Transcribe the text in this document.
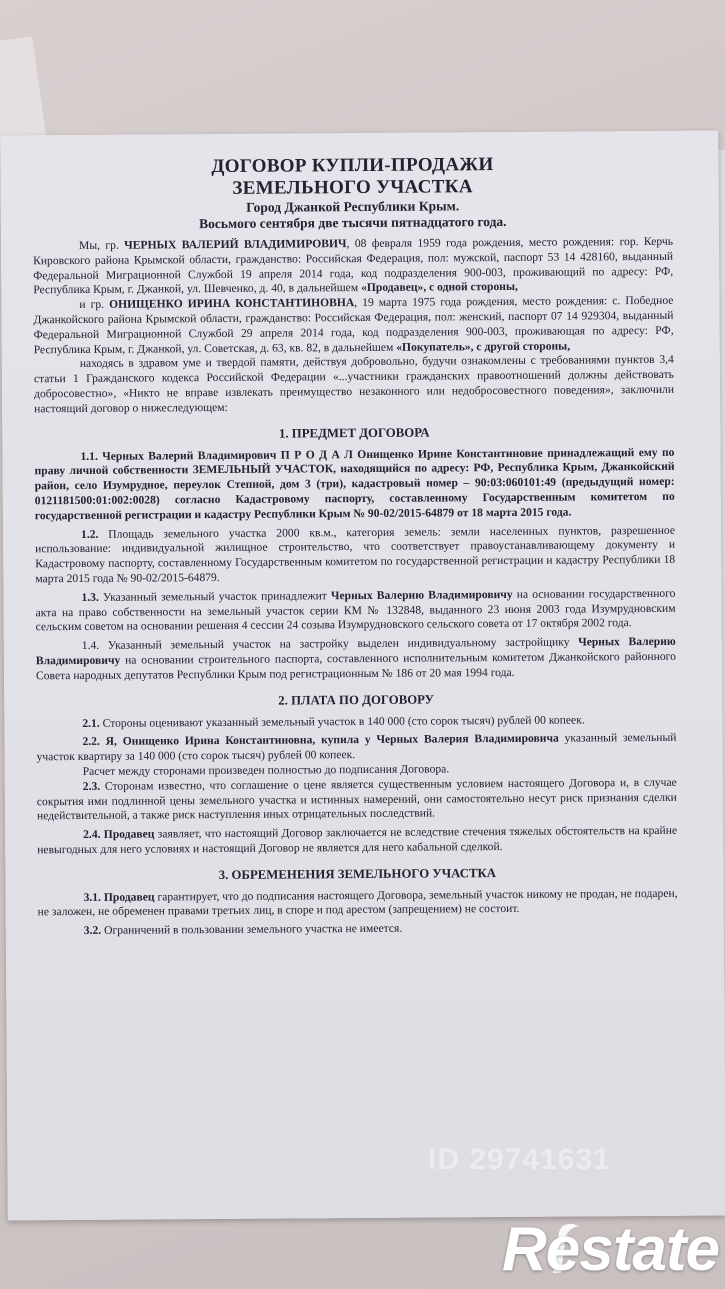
ДОГОВОР КУПЛИ-ПРОДАЖИ
ЗЕМЕЛЬНОГО УЧАСТКА
Город Джанкой Республики Крым.
Восьмого сентября две тысячи пятнадцатого года.

Мы, гр. ЧЕРНЫХ ВАЛЕРИЙ ВЛАДИМИРОВИЧ, 08 февраля 1959 года рождения, место рождения: гор. Керчь Кировского района Крымской области, гражданство: Российская Федерация, пол: мужской, паспорт 53 14 428160, выданный Федеральной Миграционной Службой 19 апреля 2014 года, код подразделения 900-003, проживающий по адресу: РФ, Республика Крым, г. Джанкой, ул. Шевченко, д. 40, в дальнейшем «Продавец», с одной стороны,

и гр. ОНИЩЕНКО ИРИНА КОНСТАНТИНОВНА, 19 марта 1975 года рождения, место рождения: с. Победное Джанкойского района Крымской области, гражданство: Российская Федерация, пол: женский, паспорт 07 14 929304, выданный Федеральной Миграционной Службой 29 апреля 2014 года, код подразделения 900-003, проживающая по адресу: РФ, Республика Крым, г. Джанкой, ул. Советская, д. 63, кв. 82, в дальнейшем «Покупатель», с другой стороны,

находясь в здравом уме и твердой памяти, действуя добровольно, будучи ознакомлены с требованиями пунктов 3,4 статьи 1 Гражданского кодекса Российской Федерации «...участники гражданских правоотношений должны действовать добросовестно», «Никто не вправе извлекать преимущество незаконного или недобросовестного поведения», заключили настоящий договор о нижеследующем:

1. ПРЕДМЕТ ДОГОВОРА

1.1. Черных Валерий Владимирович П Р О Д А Л Онищенко Ирине Константиновне принадлежащий ему по праву личной собственности ЗЕМЕЛЬНЫЙ УЧАСТОК, находящийся по адресу: РФ, Республика Крым, Джанкойский район, село Изумрудное, переулок Степной, дом 3 (три), кадастровый номер – 90:03:060101:49 (предыдущий номер: 0121181500:01:002:0028) согласно Кадастровому паспорту, составленному Государственным комитетом по государственной регистрации и кадастру Республики Крым № 90-02/2015-64879 от 18 марта 2015 года.

1.2. Площадь земельного участка 2000 кв.м., категория земель: земли населенных пунктов, разрешенное использование: индивидуальной жилищное строительство, что соответствует правоустанавливающему документу и Кадастровому паспорту, составленному Государственным комитетом по государственной регистрации и кадастру Республики 18 марта 2015 года № 90-02/2015-64879.

1.3. Указанный земельный участок принадлежит Черных Валерию Владимировичу на основании государственного акта на право собственности на земельный участок серии КМ № 132848, выданного 23 июня 2003 года Изумрудновским сельским советом на основании решения 4 сессии 24 созыва Изумрудновского сельского совета от 17 октября 2002 года.

1.4. Указанный земельный участок на застройку выделен индивидуальному застройщику Черных Валерию Владимировичу на основании строительного паспорта, составленного исполнительным комитетом Джанкойского районного Совета народных депутатов Республики Крым под регистрационным № 186 от 20 мая 1994 года.

2. ПЛАТА ПО ДОГОВОРУ

2.1. Стороны оценивают указанный земельный участок в 140 000 (сто сорок тысяч) рублей 00 копеек.

2.2. Я, Онищенко Ирина Константиновна, купила у Черных Валерия Владимировича указанный земельный участок квартиру за 140 000 (сто сорок тысяч) рублей 00 копеек.

Расчет между сторонами произведен полностью до подписания Договора.

2.3. Сторонам известно, что соглашение о цене является существенным условием настоящего Договора и, в случае сокрытия ими подлинной цены земельного участка и истинных намерений, они самостоятельно несут риск признания сделки недействительной, а также риск наступления иных отрицательных последствий.

2.4. Продавец заявляет, что настоящий Договор заключается не вследствие стечения тяжелых обстоятельств на крайне невыгодных для него условиях и настоящий Договор не является для него кабальной сделкой.

3. ОБРЕМЕНЕНИЯ ЗЕМЕЛЬНОГО УЧАСТКА

3.1. Продавец гарантирует, что до подписания настоящего Договора, земельный участок никому не продан, не подарен, не заложен, не обременен правами третьих лиц, в споре и под арестом (запрещением) не состоит.

3.2. Ограничений в пользовании земельного участка не имеется.

ID 29741631
Restate
